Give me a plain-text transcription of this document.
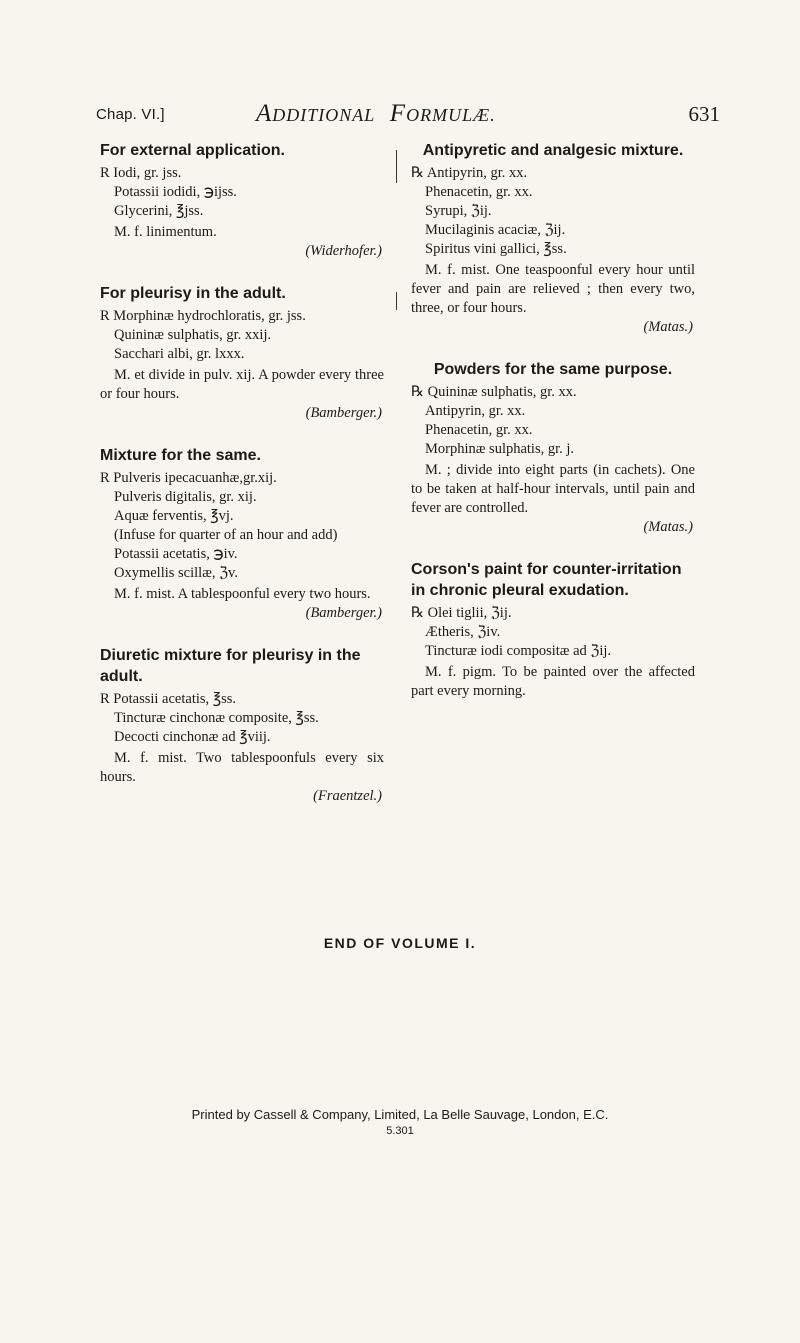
Chap. VI.]	ADDITIONAL FORMULÆ.	631
For external application.
R Iodi, gr. jss.
Potassii iodidi, ℈ijss.
Glycerini, ℥jss.
M. f. linimentum.
(Widerhofer.)
For pleurisy in the adult.
R Morphinæ hydrochloratis, gr. jss.
Quininæ sulphatis, gr. xxij.
Sacchari albi, gr. lxxx.
M. et divide in pulv. xij. A powder every three or four hours.
(Bamberger.)
Mixture for the same.
R Pulveris ipecacuanhæ,gr.xij.
Pulveris digitalis, gr. xij.
Aquæ ferventis, ℥vj.
(Infuse for quarter of an hour and add)
Potassii acetatis, ℈iv.
Oxymellis scillæ, ℨv.
M. f. mist. A tablespoonful every two hours.
(Bamberger.)
Diuretic mixture for pleurisy in the adult.
R Potassii acetatis, ℥ss.
Tincturæ cinchonæ composite, ℥ss.
Decocti cinchonæ ad ℥viij.
M. f. mist. Two tablespoonfuls every six hours.
(Fraentzel.)
Antipyretic and analgesic mixture.
℞ Antipyrin, gr. xx.
Phenacetin, gr. xx.
Syrupi, ℨij.
Mucilaginis acaciæ, ℨij.
Spiritus vini gallici, ℥ss.
M. f. mist. One teaspoonful every hour until fever and pain are relieved ; then every two, three, or four hours.
(Matas.)
Powders for the same purpose.
℞ Quininæ sulphatis, gr. xx.
Antipyrin, gr. xx.
Phenacetin, gr. xx.
Morphinæ sulphatis, gr. j.
M. ; divide into eight parts (in cachets). One to be taken at half-hour intervals, until pain and fever are controlled.
(Matas.)
Corson's paint for counter-irritation in chronic pleural exudation.
℞ Olei tiglii, ℨij.
Ætheris, ℨiv.
Tincturæ iodi compositæ ad ℨij.
M. f. pigm. To be painted over the affected part every morning.
END OF VOLUME I.
Printed by Cassell & Company, Limited, La Belle Sauvage, London, E.C.
5.301
